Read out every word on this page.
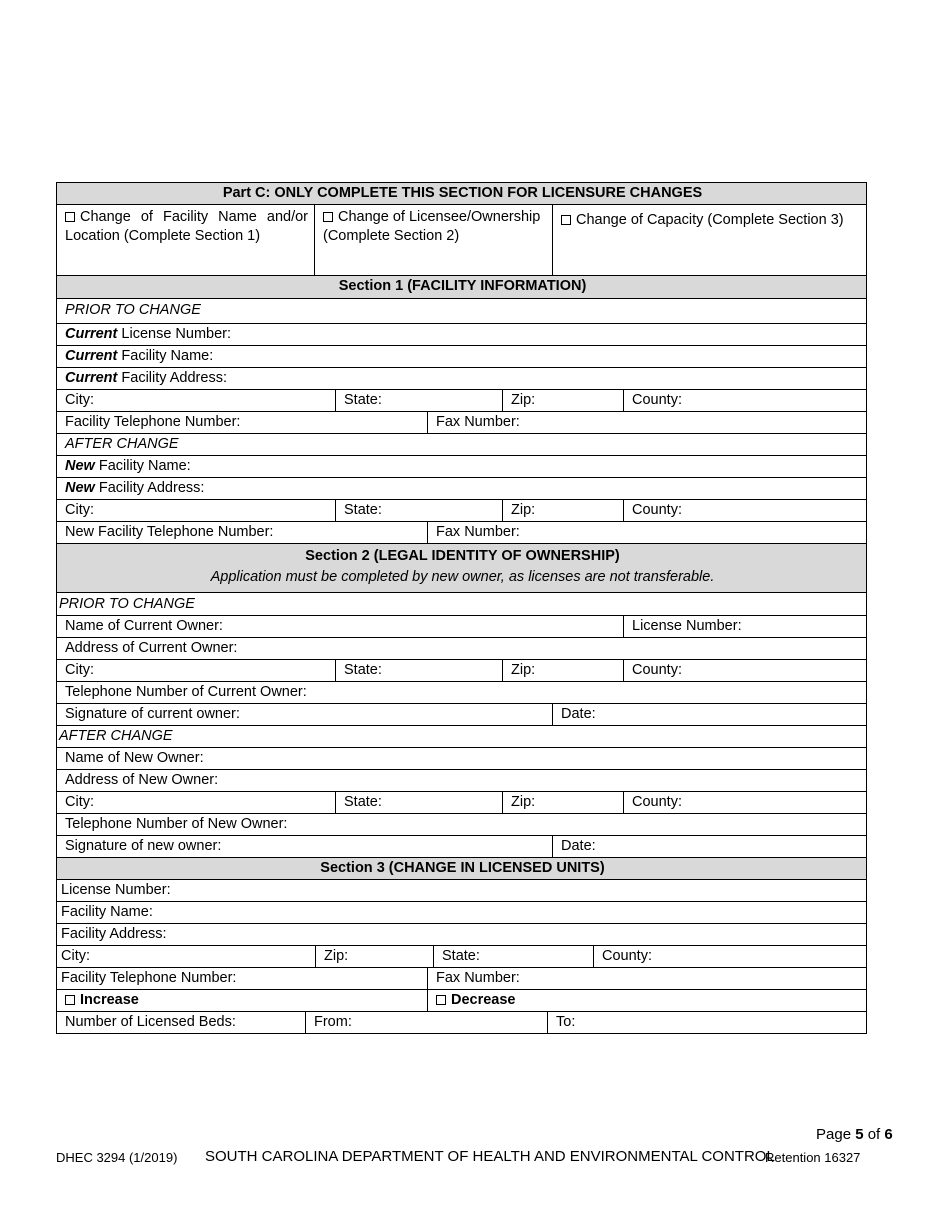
Part C: ONLY COMPLETE THIS SECTION FOR LICENSURE CHANGES
Change of Facility Name and/or Location (Complete Section 1)
Change of Licensee/Ownership (Complete Section 2)
Change of Capacity (Complete Section 3)
Section 1 (FACILITY INFORMATION)
PRIOR TO CHANGE
Current License Number:
Current Facility Name:
Current Facility Address:
City:	State:	Zip:	County:
Facility Telephone Number:	Fax Number:
AFTER CHANGE
New Facility Name:
New Facility Address:
City:	State:	Zip:	County:
New Facility Telephone Number:	Fax Number:
Section 2 (LEGAL IDENTITY OF OWNERSHIP)
Application must be completed by new owner, as licenses are not transferable.
PRIOR TO CHANGE
Name of Current Owner:	License Number:
Address of Current Owner:
City:	State:	Zip:	County:
Telephone Number of Current Owner:
Signature of current owner:	Date:
AFTER CHANGE
Name of New Owner:
Address of New Owner:
City:	State:	Zip:	County:
Telephone Number of New Owner:
Signature of new owner:	Date:
Section 3 (CHANGE IN LICENSED UNITS)
License Number:
Facility Name:
Facility Address:
City:	Zip:	State:	County:
Facility Telephone Number:	Fax Number:
Increase	Decrease
Number of Licensed Beds:	From:	To:
Page 5 of 6
DHEC 3294 (1/2019) SOUTH CAROLINA DEPARTMENT OF HEALTH AND ENVIRONMENTAL CONTROL
Retention 16327
